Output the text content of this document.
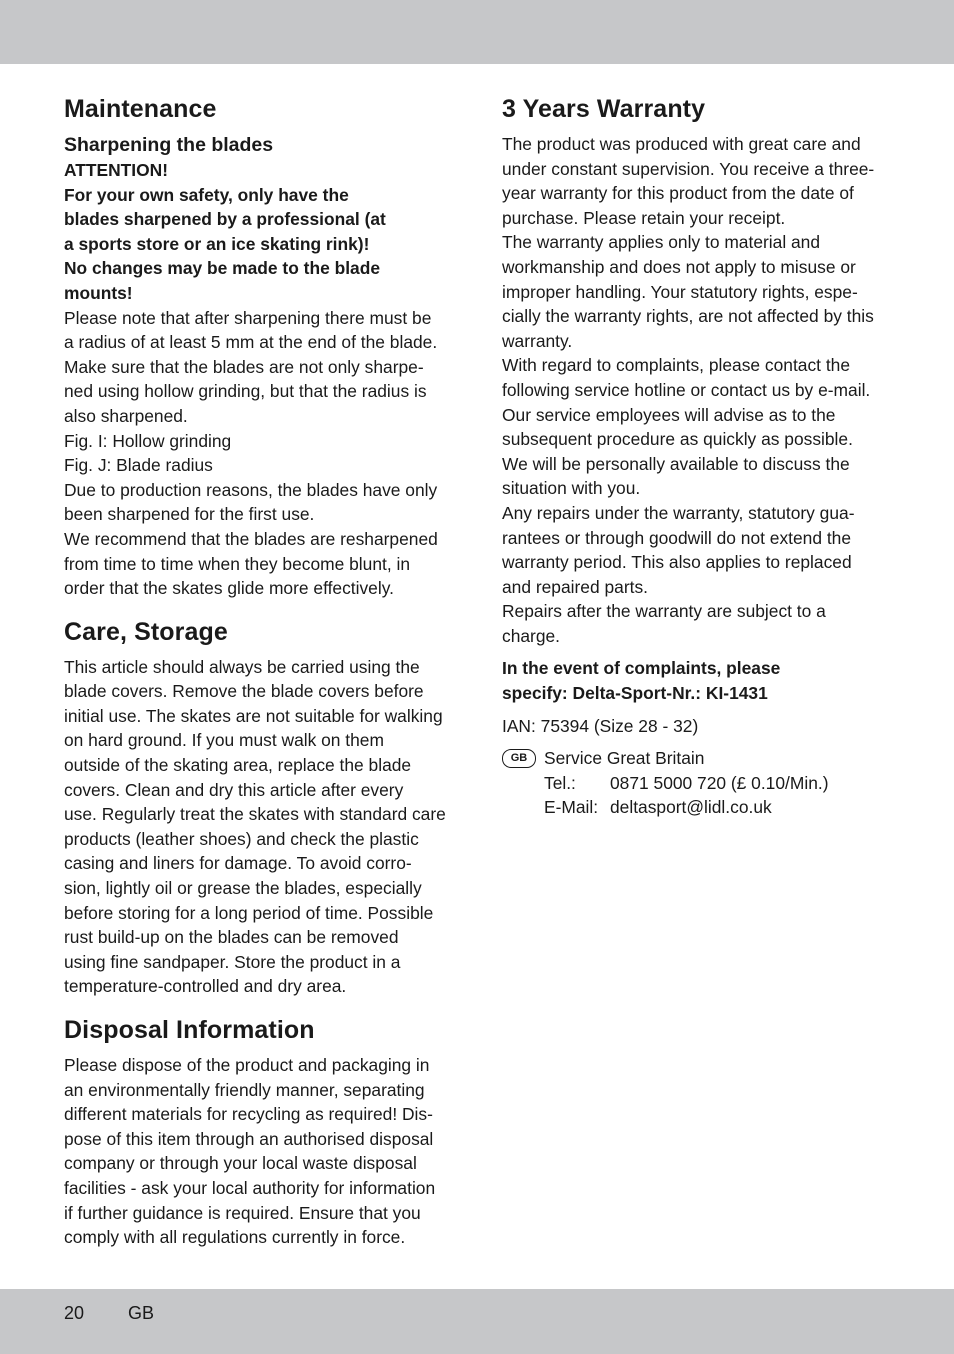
Maintenance
Sharpening the blades

ATTENTION!

For your own safety, only have the

blades sharpened by a professional (at

a sports store or an ice skating rink)!

No changes may be made to the blade

mounts!

Please note that after sharpening there must be

a radius of at least 5 mm at the end of the blade.

Make sure that the blades are not only sharpe-

ned using hollow grinding, but that the radius is

also sharpened.

Fig. I: Hollow grinding

Fig. J: Blade radius

Due to production reasons, the blades have only

been sharpened for the first use.

We recommend that the blades are resharpened

from time to time when they become blunt, in

order that the skates glide more effectively.

Care, Storage

This article should always be carried using the

blade covers. Remove the blade covers before

initial use. The skates are not suitable for walking

on hard ground. If you must walk on them

outside of the skating area, replace the blade

covers. Clean and dry this article after every

use. Regularly treat the skates with standard care

products (leather shoes) and check the plastic

casing and liners for damage. To avoid corro-

sion, lightly oil or grease the blades, especially

before storing for a long period of time. Possible

rust build-up on the blades can be removed

using fine sandpaper. Store the product in a

temperature-controlled and dry area.

Disposal Information

Please dispose of the product and packaging in

an environmentally friendly manner, separating

different materials for recycling as required! Dis-

pose of this item through an authorised disposal

company or through your local waste disposal

facilities - ask your local authority for information

if further guidance is required. Ensure that you

comply with all regulations currently in force.

3 Years Warranty

The product was produced with great care and

under constant supervision. You receive a three-

year warranty for this product from the date of

purchase. Please retain your receipt.

The warranty applies only to material and

workmanship and does not apply to misuse or

improper handling. Your statutory rights, espe-

cially the warranty rights, are not affected by this

warranty.

With regard to complaints, please contact the

following service hotline or contact us by e-mail.

Our service employees will advise as to the

subsequent procedure as quickly as possible.

We will be personally available to discuss the

situation with you.

Any repairs under the warranty, statutory gua-

rantees or through goodwill do not extend the

warranty period. This also applies to replaced

and repaired parts.

Repairs after the warranty are subject to a

charge.

In the event of complaints, please

specify: Delta-Sport-Nr.: KI-1431

IAN: 75394 (Size 28 - 32)

GB Service Great Britain
Tel.:	0871 5000 720 (£ 0.10/Min.)
E-Mail: deltasport@lidl.co.uk
20 GB
